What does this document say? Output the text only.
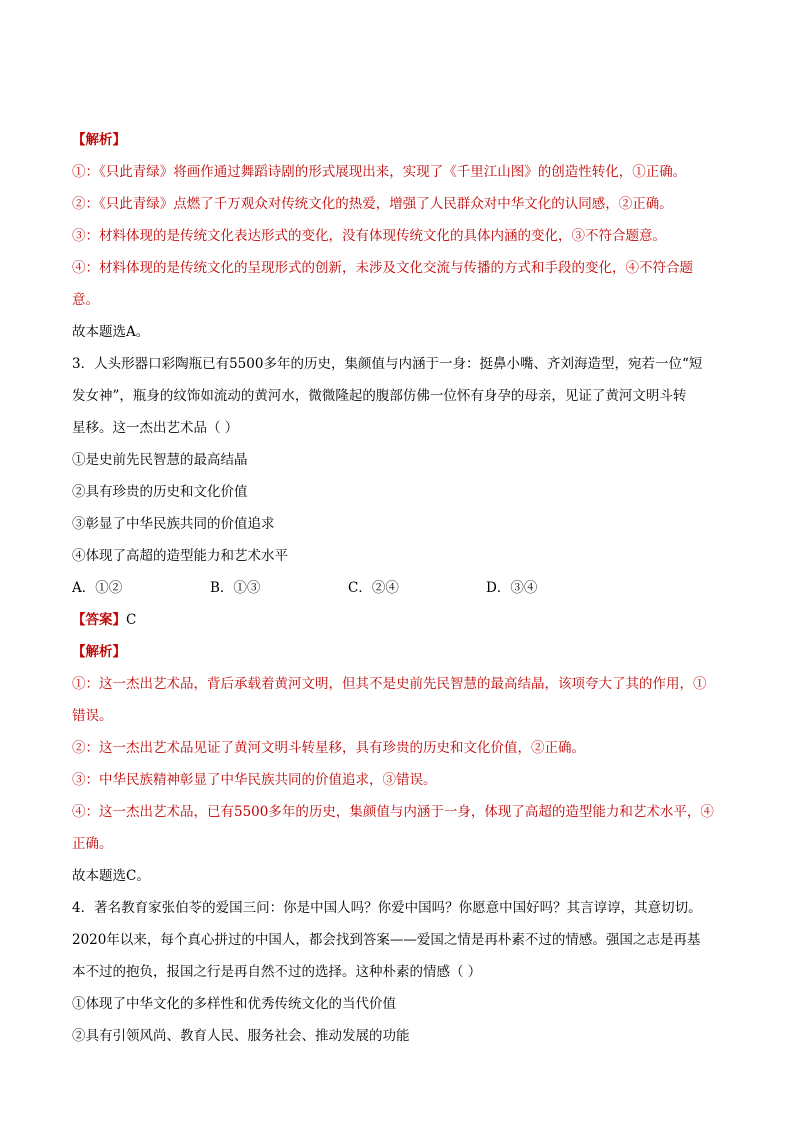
【解析】
①：《只此青绿》将画作通过舞蹈诗剧的形式展现出来，实现了《千里江山图》的创造性转化，①正确。
②：《只此青绿》点燃了千万观众对传统文化的热爱，增强了人民群众对中华文化的认同感，②正确。
③：材料体现的是传统文化表达形式的变化，没有体现传统文化的具体内涵的变化，③不符合题意。
④：材料体现的是传统文化的呈现形式的创新，未涉及文化交流与传播的方式和手段的变化，④不符合题
意。
故本题选A。
3．人头形器口彩陶瓶已有5500多年的历史，集颜值与内涵于一身：挺鼻小嘴、齐刘海造型，宛若一位“短
发女神”，瓶身的纹饰如流动的黄河水，微微隆起的腹部仿佛一位怀有身孕的母亲，见证了黄河文明斗转
星移。这一杰出艺术品（ ）
①是史前先民智慧的最高结晶
②具有珍贵的历史和文化价值
③彰显了中华民族共同的价值追求
④体现了高超的造型能力和艺术水平
A．①②	B．①③	C．②④	D．③④
【答案】C
【解析】
①：这一杰出艺术品，背后承载着黄河文明，但其不是史前先民智慧的最高结晶，该项夸大了其的作用，①
错误。
②：这一杰出艺术品见证了黄河文明斗转星移，具有珍贵的历史和文化价值，②正确。
③：中华民族精神彰显了中华民族共同的价值追求，③错误。
④：这一杰出艺术品，已有5500多年的历史，集颜值与内涵于一身，体现了高超的造型能力和艺术水平，④
正确。
故本题选C。
4．著名教育家张伯苓的爱国三问：你是中国人吗？你爱中国吗？你愿意中国好吗？其言谆谆，其意切切。
2020年以来，每个真心拼过的中国人，都会找到答案——爱国之情是再朴素不过的情感。强国之志是再基
本不过的抱负，报国之行是再自然不过的选择。这种朴素的情感（ ）
①体现了中华文化的多样性和优秀传统文化的当代价值
②具有引领风尚、教育人民、服务社会、推动发展的功能
